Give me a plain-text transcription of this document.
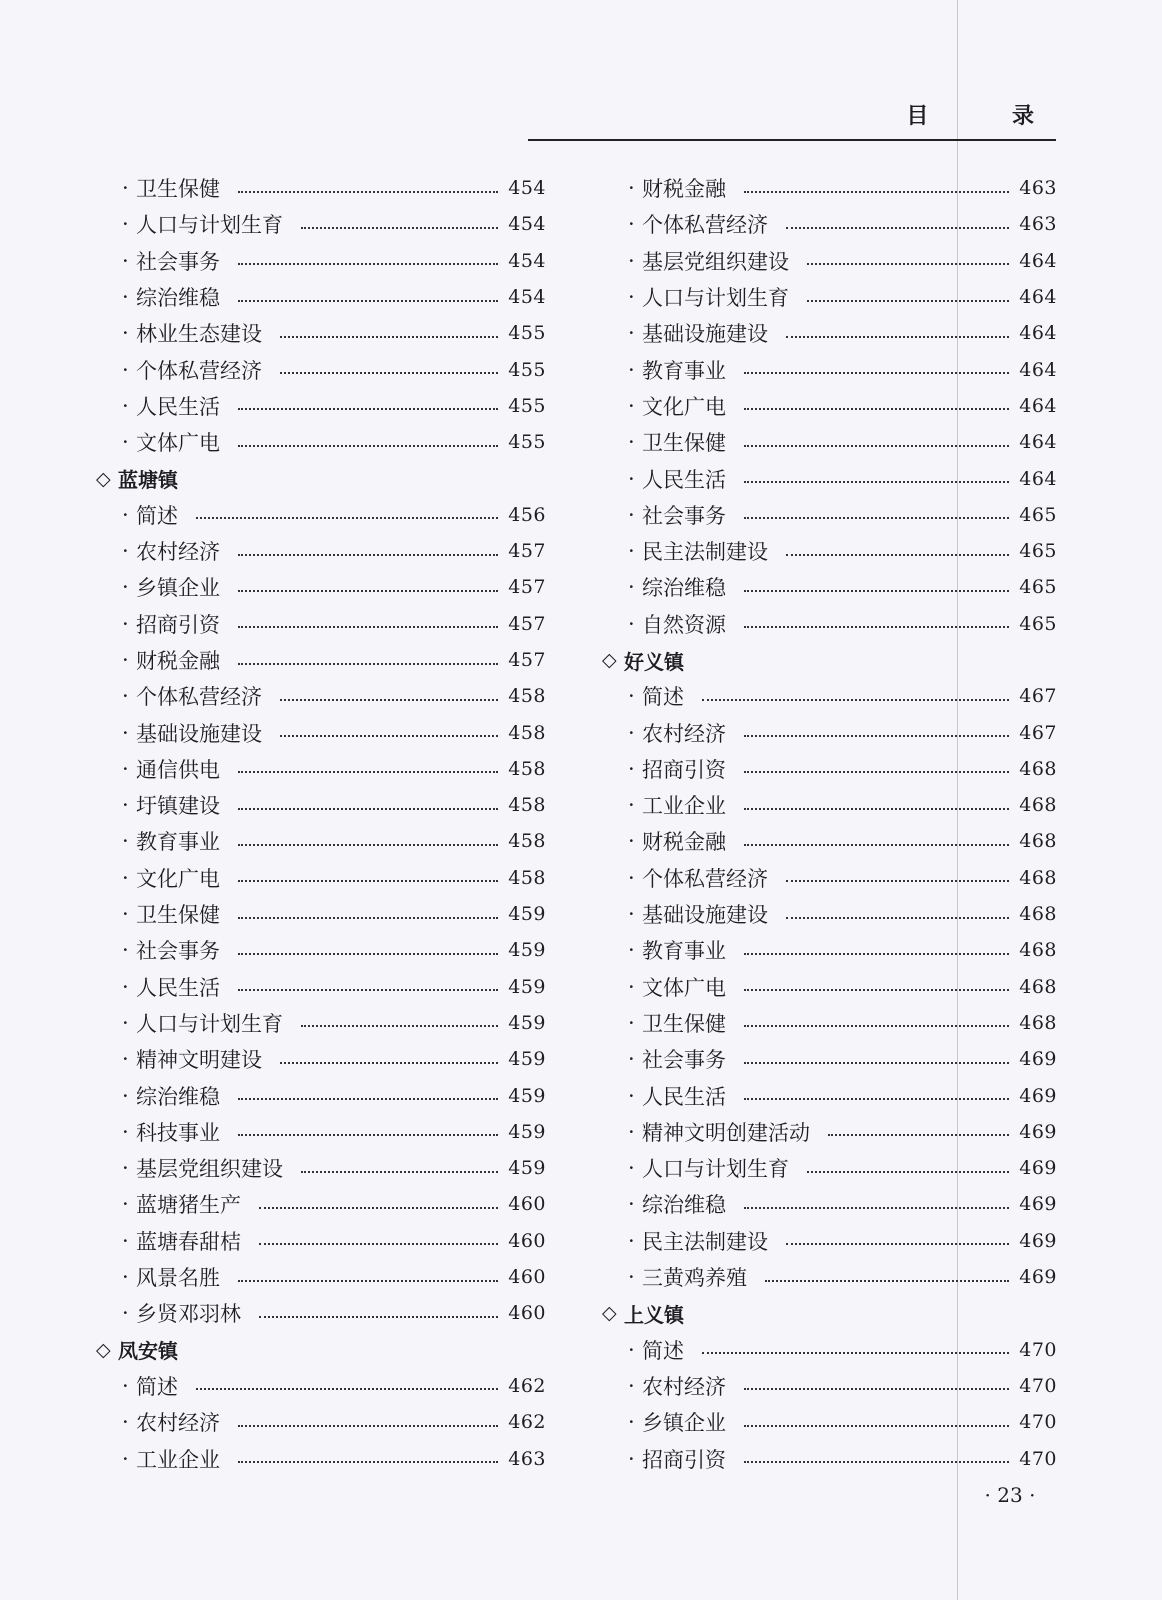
目 录
· 卫生保健	454
· 人口与计划生育	454
· 社会事务	454
· 综治维稳	454
· 林业生态建设	455
· 个体私营经济	455
· 人民生活	455
· 文体广电	455
◇ 蓝塘镇
· 简述	456
· 农村经济	457
· 乡镇企业	457
· 招商引资	457
· 财税金融	457
· 个体私营经济	458
· 基础设施建设	458
· 通信供电	458
· 圩镇建设	458
· 教育事业	458
· 文化广电	458
· 卫生保健	459
· 社会事务	459
· 人民生活	459
· 人口与计划生育	459
· 精神文明建设	459
· 综治维稳	459
· 科技事业	459
· 基层党组织建设	459
· 蓝塘猪生产	460
· 蓝塘春甜桔	460
· 风景名胜	460
· 乡贤邓羽林	460
◇ 凤安镇
· 简述	462
· 农村经济	462
· 工业企业	463
· 财税金融	463
· 个体私营经济	463
· 基层党组织建设	464
· 人口与计划生育	464
· 基础设施建设	464
· 教育事业	464
· 文化广电	464
· 卫生保健	464
· 人民生活	464
· 社会事务	465
· 民主法制建设	465
· 综治维稳	465
· 自然资源	465
◇ 好义镇
· 简述	467
· 农村经济	467
· 招商引资	468
· 工业企业	468
· 财税金融	468
· 个体私营经济	468
· 基础设施建设	468
· 教育事业	468
· 文体广电	468
· 卫生保健	468
· 社会事务	469
· 人民生活	469
· 精神文明创建活动	469
· 人口与计划生育	469
· 综治维稳	469
· 民主法制建设	469
· 三黄鸡养殖	469
◇ 上义镇
· 简述	470
· 农村经济	470
· 乡镇企业	470
· 招商引资	470
· 23 ·
